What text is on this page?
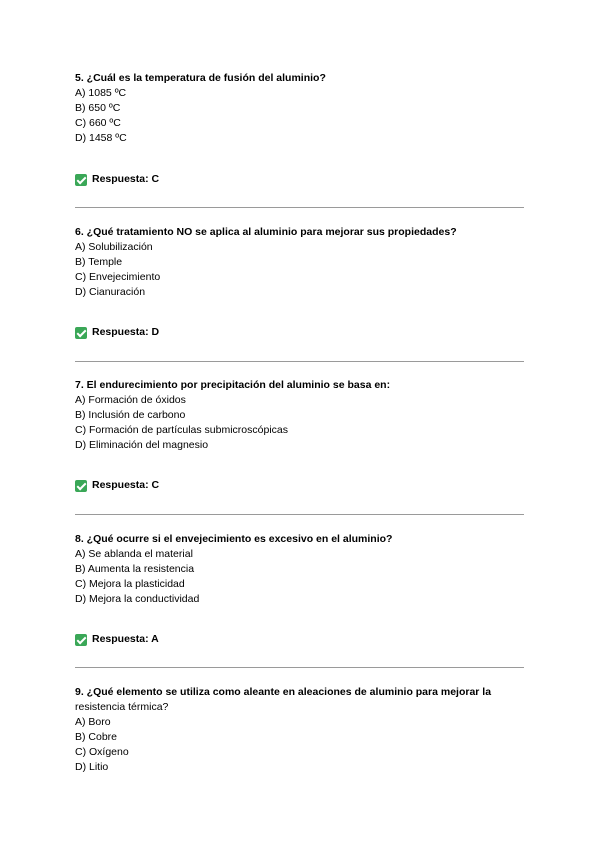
5. ¿Cuál es la temperatura de fusión del aluminio?
A) 1085 ºC
B) 650 ºC
C) 660 ºC
D) 1458 ºC
Respuesta: C
6. ¿Qué tratamiento NO se aplica al aluminio para mejorar sus propiedades?
A) Solubilización
B) Temple
C) Envejecimiento
D) Cianuración
Respuesta: D
7. El endurecimiento por precipitación del aluminio se basa en:
A) Formación de óxidos
B) Inclusión de carbono
C) Formación de partículas submicroscópicas
D) Eliminación del magnesio
Respuesta: C
8. ¿Qué ocurre si el envejecimiento es excesivo en el aluminio?
A) Se ablanda el material
B) Aumenta la resistencia
C) Mejora la plasticidad
D) Mejora la conductividad
Respuesta: A
9. ¿Qué elemento se utiliza como aleante en aleaciones de aluminio para mejorar la
resistencia térmica?
A) Boro
B) Cobre
C) Oxígeno
D) Litio
